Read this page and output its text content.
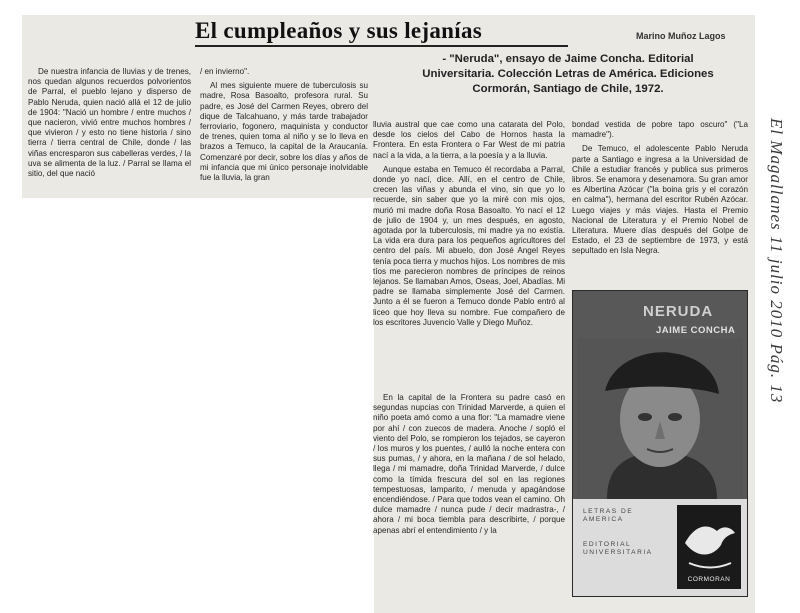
El cumpleaños y sus lejanías	Marino Muñoz Lagos

- "Neruda", ensayo de Jaime Concha. Editorial Universitaria. Colección Letras de América. Ediciones Cormorán, Santiago de Chile, 1972.

De nuestra infancia de lluvias y de trenes, nos quedan algunos recuerdos polvorientos de Parral, el pueblo lejano y disperso de Pablo Neruda, quien nació allá el 12 de julio de 1904: "Nació un hombre / entre muchos / que nacieron, vivió entre muchos hombres / que vivieron / y esto no tiene historia / sino tierra / tierra central de Chile, donde / las viñas encresparon sus cabelleras verdes, / la uva se alimenta de la luz. / Parral se llama el sitio, del que nació

/ en invierno".

Al mes siguiente muere de tuberculosis su madre, Rosa Basoalto, profesora rural. Su padre, es José del Carmen Reyes, obrero del dique de Talcahuano, y más tarde trabajador ferroviario, fogonero, maquinista y conductor de trenes, quien toma al niño y se lo lleva en brazos a Temuco, la capital de la Araucanía. Comenzaré por decir, sobre los días y años de mi infancia que mi único personaje inolvidable fue la lluvia, la gran

lluvia austral que cae como una catarata del Polo, desde los cielos del Cabo de Hornos hasta la Frontera. En esta Frontera o Far West de mi patria nací a la vida, a la tierra, a la poesía y a la lluvia.

Aunque estaba en Temuco él recordaba a Parral, donde yo nací, dice. Allí, en el centro de Chile, crecen las viñas y abunda el vino, sin que yo lo recuerde, sin saber que yo la miré con mis ojos, murió mi madre doña Rosa Basoalto. Yo nací el 12 de julio de 1904 y, un mes después, en agosto, agotada por la tuberculosis, mi madre ya no existía. La vida era dura para los pequeños agricultores del centro del país. Mi abuelo, don José Angel Reyes tenía poca tierra y muchos hijos. Los nombres de mis tíos me parecieron nombres de príncipes de reinos lejanos. Se llamaban Amos, Oseas, Joel, Abadías. Mi padre se llamaba simplemente José del Carmen. Junto a él se fueron a Temuco donde Pablo entró al liceo que hoy lleva su nombre. Fue compañero de los escritores Juvencio Valle y Diego Muñoz.

En la capital de la Frontera su padre casó en segundas nupcias con Trinidad Marverde, a quien el niño poeta amó como a una flor: "La mamadre viene por ahí / con zuecos de madera. Anoche / sopló el viento del Polo, se rompieron los tejados, se cayeron / los muros y los puentes, / aulló la noche entera con sus pumas, / y ahora, en la mañana / de sol helado, llega / mi mamadre, doña Trinidad Marverde, / dulce como la tímida frescura del sol en las regiones tempestuosas, lamparito, / menuda y apagándose encendiéndose. / Para que todos vean el camino. Oh dulce mamadre / nunca pude / decir madrastra-, / ahora / mi boca tiembla para describirte, / porque apenas abrí el entendimiento / y la

bondad vestida de pobre tapo oscuro" ("La mamadre").

De Temuco, el adolescente Pablo Neruda parte a Santiago e ingresa a la Universidad de Chile a estudiar francés y publica sus primeros libros. Se enamora y desenamora. Su gran amor es Albertina Azócar ("la boina gris y el corazón en calma"), hermana del escritor Rubén Azócar. Luego viajes y más viajes. Hasta el Premio Nacional de Literatura y el Premio Nobel de Literatura. Muere días después del Golpe de Estado, el 23 de septiembre de 1973, y está sepultado en Isla Negra.

NERUDA
JAIME CONCHA
LETRAS DE AMERICA
EDITORIAL UNIVERSITARIA
CORMORAN
El Magallanes 11 julio 2010 Pág. 13
